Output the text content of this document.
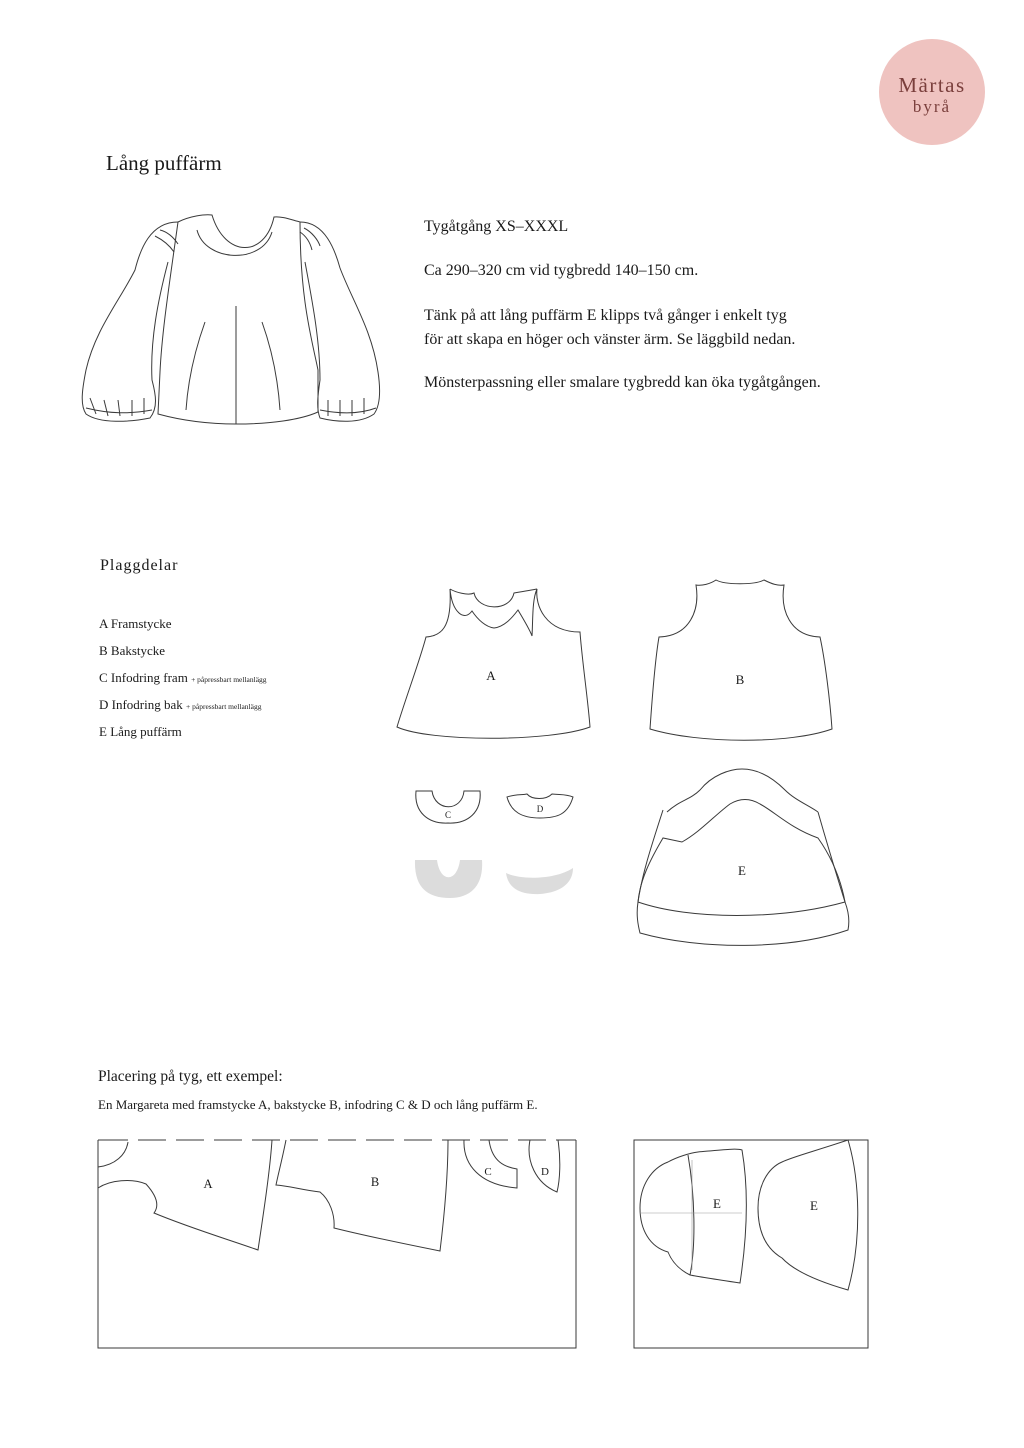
Märtas
byrå
Lång puffärm
A	B
C
D
E
A	B
C	D
E	E
Tygåtgång XS–XXXL
Ca 290–320 cm vid tygbredd 140–150 cm.
Tänk på att lång puffärm E klipps två gånger i enkelt tyg
för att skapa en höger och vänster ärm. Se läggbild nedan.
Mönsterpassning eller smalare tygbredd kan öka tygåtgången.
Plaggdelar
A Framstycke
B Bakstycke
C Infodring fram + påpressbart mellanlägg
D Infodring bak + påpressbart mellanlägg
E Lång puffärm
Placering på tyg, ett exempel:
En Margareta med framstycke A, bakstycke B, infodring C & D och lång puffärm E.
